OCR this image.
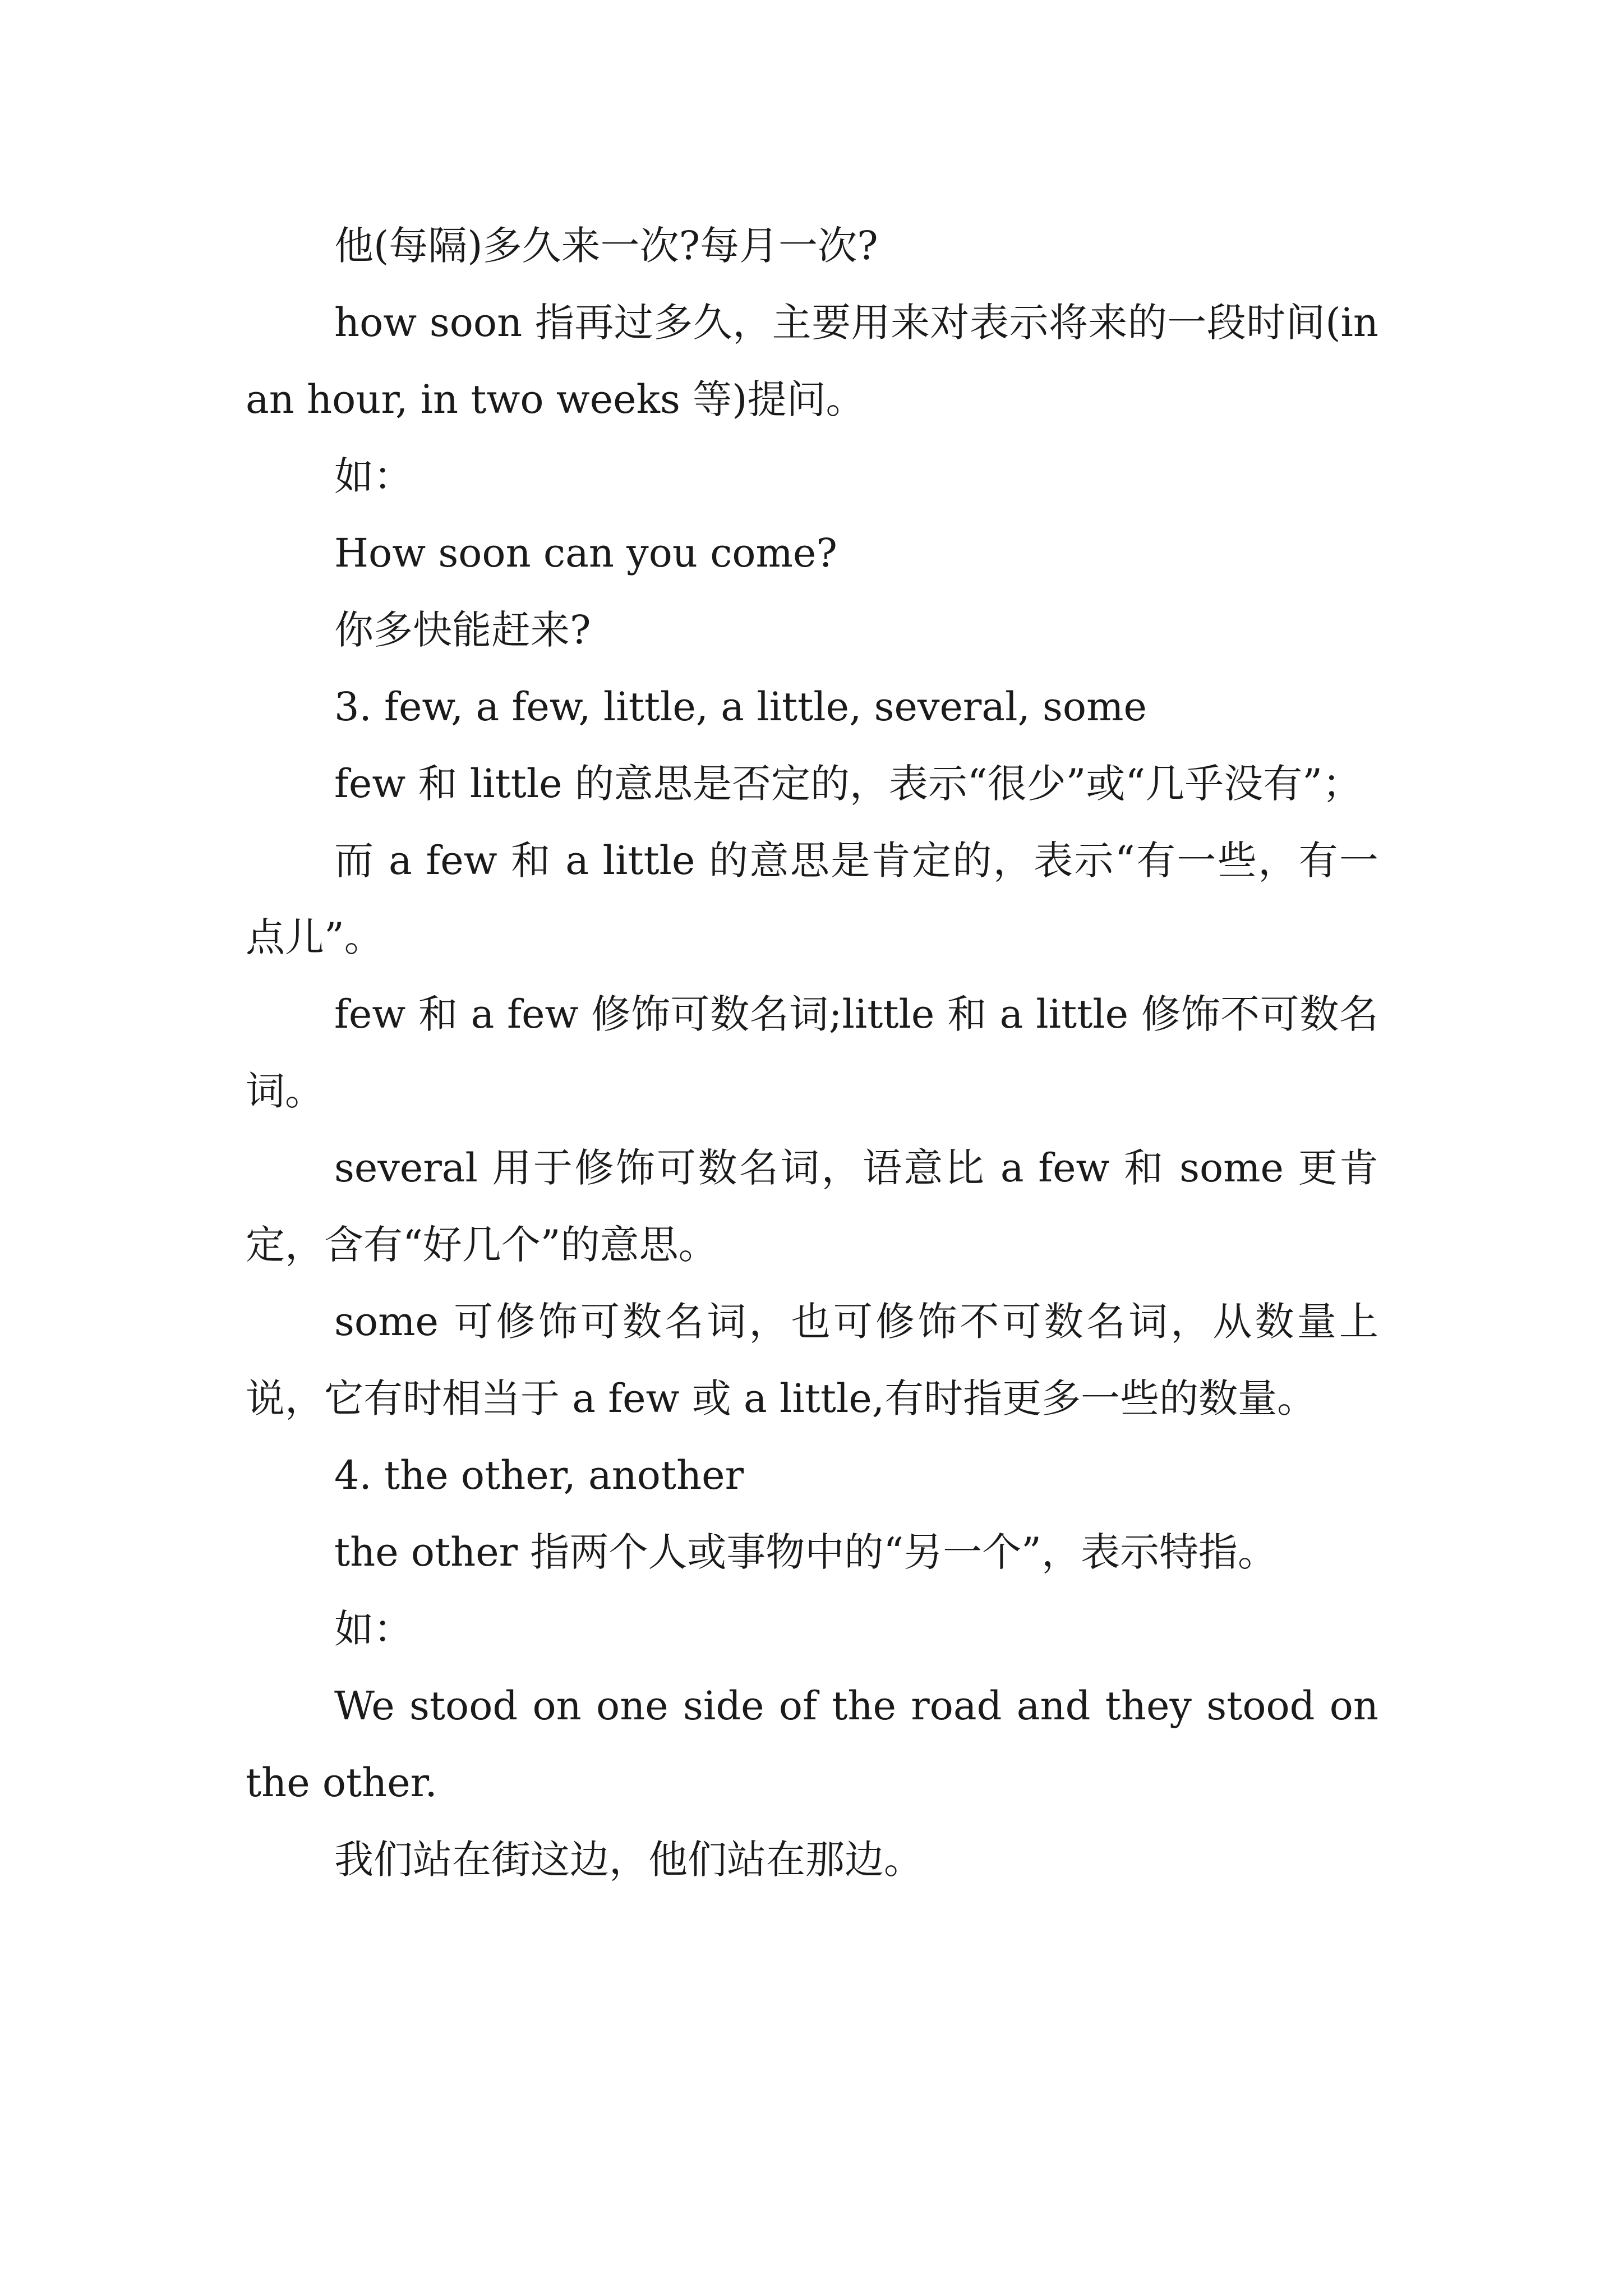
他(每隔)多久来一次?每月一次?

how soon 指再过多久，主要用来对表示将来的一段时间(in an hour, in two weeks 等)提问。

如：

How soon can you come?

你多快能赶来?

3. few, a few, little, a little, several, some

few 和 little 的意思是否定的，表示“很少”或“几乎没有”；

而 a few 和 a little 的意思是肯定的，表示“有一些，有一点儿”。

few 和 a few 修饰可数名词;little 和 a little 修饰不可数名词。

several 用于修饰可数名词，语意比 a few 和 some 更肯定，含有“好几个”的意思。

some 可修饰可数名词，也可修饰不可数名词，从数量上说，它有时相当于 a few 或 a little,有时指更多一些的数量。

4. the other, another

the other 指两个人或事物中的“另一个”，表示特指。

如：

We stood on one side of the road and they stood on the other.

我们站在街这边，他们站在那边。
